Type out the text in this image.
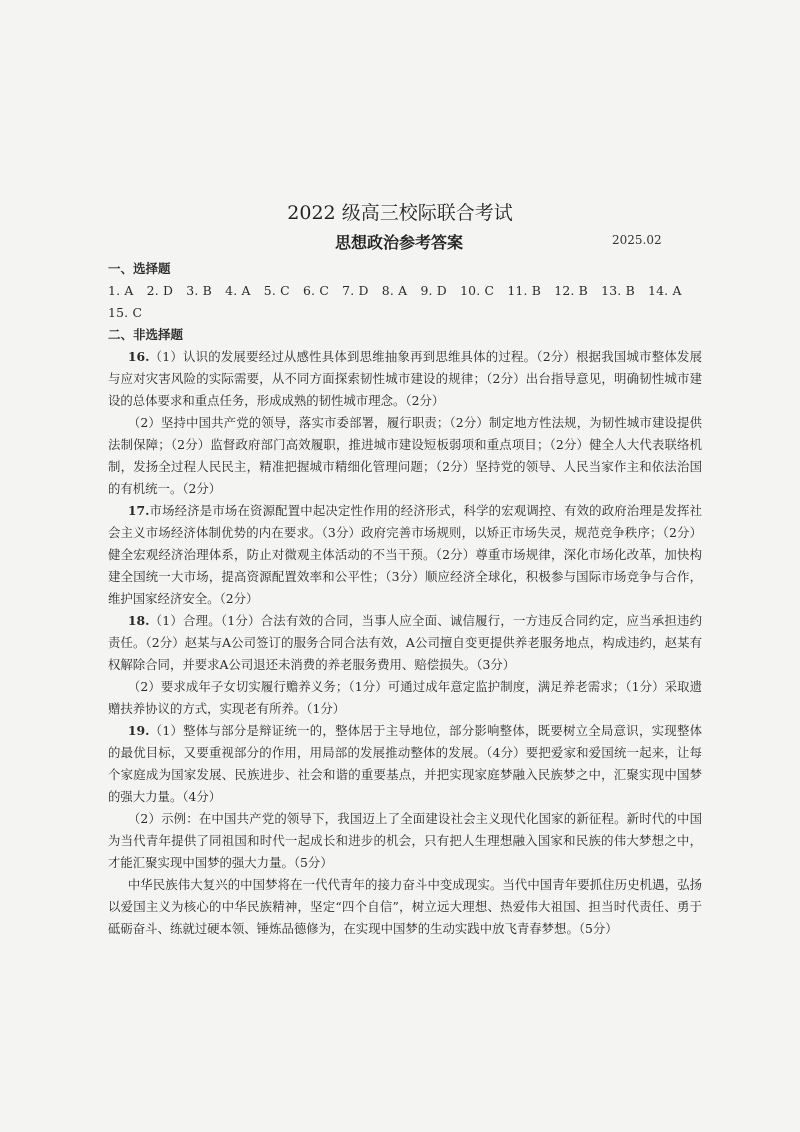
2022 级高三校际联合考试
思想政治参考答案	2025.02

一、选择题

1. A 2. D 3. B 4. A 5. C 6. C 7. D 8. A 9. D 10. C 11. B 12. B 13. B 14. A

15. C

二、非选择题

16.（1）认识的发展要经过从感性具体到思维抽象再到思维具体的过程。（2分）根据我国城市整体发展与应对灾害风险的实际需要，从不同方面探索韧性城市建设的规律；（2分）出台指导意见，明确韧性城市建设的总体要求和重点任务，形成成熟的韧性城市理念。（2分）

（2）坚持中国共产党的领导，落实市委部署，履行职责；（2分）制定地方性法规，为韧性城市建设提供法制保障；（2分）监督政府部门高效履职，推进城市建设短板弱项和重点项目；（2分）健全人大代表联络机制，发扬全过程人民民主，精准把握城市精细化管理问题；（2分）坚持党的领导、人民当家作主和依法治国的有机统一。（2分）

17.市场经济是市场在资源配置中起决定性作用的经济形式，科学的宏观调控、有效的政府治理是发挥社会主义市场经济体制优势的内在要求。（3分）政府完善市场规则，以矫正市场失灵，规范竞争秩序；（2分）健全宏观经济治理体系，防止对微观主体活动的不当干预。（2分）尊重市场规律，深化市场化改革，加快构建全国统一大市场，提高资源配置效率和公平性；（3分）顺应经济全球化，积极参与国际市场竞争与合作，维护国家经济安全。（2分）

18.（1）合理。（1分）合法有效的合同，当事人应全面、诚信履行，一方违反合同约定，应当承担违约责任。（2分）赵某与A公司签订的服务合同合法有效，A公司擅自变更提供养老服务地点，构成违约，赵某有权解除合同，并要求A公司退还未消费的养老服务费用、赔偿损失。（3分）

（2）要求成年子女切实履行赡养义务；（1分）可通过成年意定监护制度，满足养老需求；（1分）采取遗赠扶养协议的方式，实现老有所养。（1分）

19.（1）整体与部分是辩证统一的，整体居于主导地位，部分影响整体，既要树立全局意识，实现整体的最优目标，又要重视部分的作用，用局部的发展推动整体的发展。（4分）要把爱家和爱国统一起来，让每个家庭成为国家发展、民族进步、社会和谐的重要基点，并把实现家庭梦融入民族梦之中，汇聚实现中国梦的强大力量。（4分）

（2）示例：在中国共产党的领导下，我国迈上了全面建设社会主义现代化国家的新征程。新时代的中国为当代青年提供了同祖国和时代一起成长和进步的机会，只有把人生理想融入国家和民族的伟大梦想之中，才能汇聚实现中国梦的强大力量。（5分）

中华民族伟大复兴的中国梦将在一代代青年的接力奋斗中变成现实。当代中国青年要抓住历史机遇，弘扬以爱国主义为核心的中华民族精神，坚定“四个自信”，树立远大理想、热爱伟大祖国、担当时代责任、勇于砥砺奋斗、练就过硬本领、锤炼品德修为，在实现中国梦的生动实践中放飞青春梦想。（5分）
